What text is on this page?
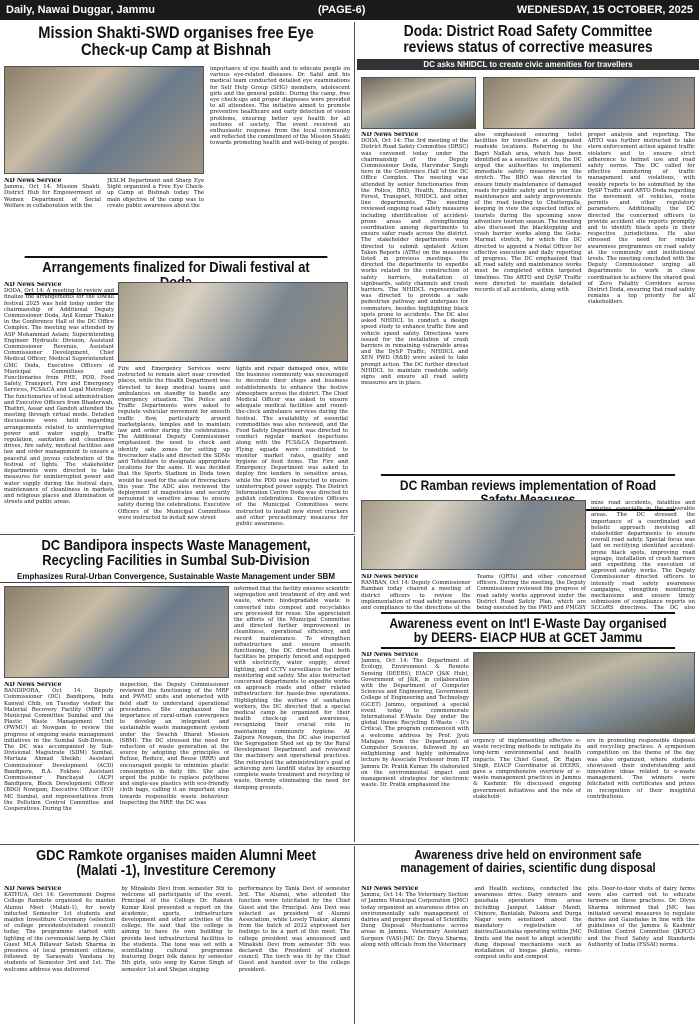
Daily, Nawai Duggar, Jammu	(PAGE-6)	WEDNESDAY, 15 OCTOBER, 2025
Mission Shakti-SWD organises free Eye Check-up Camp at Bishnah
ND News Service
Jammu, Oct 14: Mission Shakti, District Hub for Empowerment of Women Department of Social Welfare in collaboration with the
JKSLM Department and Sharp Eye Sight organized a Free Eye Check-up Camp at Bishnah today. The main objective of the camp was to create public awareness about the
importance of eye health and to educate people on various eye-related diseases. Dr. Sahil and his medical team conducted detailed eye examinations for Self Help Group (SHG) members, adolescent girls and the general public. During the camp, free eye check-ups and proper diagnoses were provided to all attendees. The initiative aimed to promote preventive healthcare and early detection of vision problems, ensuring better eye health for all sections of society. The event received an enthusiastic response from the local community and reflected the commitment of the Mission Shakti towards promoting health and well-being of people.
Arrangements finalized for Diwali festival at
ND News Service
DODA, Oct 14: A meeting to review and finalize the arrangements for the Diwali festival 2025 was held today under the chairmanship of Additional Deputy Commissioner Doda, Anil Kumar Thakur in the Conference Hall of the DC Office Complex. The meeting was attended by ASP Mohammad Aslam; Superintending Engineer Hydraulic Division, Assistant Commissioner Revenue, Assistant Commissioner Development, Chief Medical Officer, Medical Superintendent GMC Doda, Executive Officers of Municipal Committees and Functionaries from PHE, PDD, Food Safety, Transport, Fire and Emergency Services, FCS&CA and Legal Metrology. The functionaries of local administration and Executive Officers from Bhaderwah, Thathri, Assar and Gandoh attended the meeting through virtual mode. Detailed discussions were held regarding arrangements related to uninterrupted power and water supply, traffic regulation, sanitation and cleanliness drives, fire safety, medical facilities and law and order management to ensure a peaceful and joyous celebration of the festival of lights. The stakeholder departments were directed to take measures for uninterrupted power and water supply during the festival days, maintenance of cleanliness in markets and religious places and illumination of streets and public areas.
Fire and Emergency Services were instructed to remain alert near crowded places, while the Health Department was directed to keep medical teams and ambulances on standby to handle any emergency situation. The Police and Traffic Departments were asked to regulate vehicular movement for smooth traffic flow, particularly around marketplaces, temples and to maintain law and order during the celebrations. The Additional Deputy Commissioner emphasized the need to check and identify safe zones for setting up firecracker stalls and directed the SDMs and Tehsildars to designate appropriate locations for the same. It was decided that the Sports Stadium in Doda town would be used for the sale of firecrackers this year. The ADC also reviewed the deployment of magistrates and security personnel in sensitive areas to ensure safety during the celebrations. Executive Officers of the Municipal Committees were instructed to install new street
lights and repair damaged ones, while the business community was encouraged to decorate their shops and business establishments to enhance the festive atmosphere across the district. The Chief Medical Officer was asked to ensure adequate medical facilities and round-the-clock ambulance services during the festival. The availability of essential commodities was also reviewed, and the Food Safety Department was directed to conduct regular market inspections along with the FCS&CA Department. Flying squads were constituted to monitor market rates, quality and hygiene of food items. The Fire and Emergency Department was asked to deploy fire tenders in sensitive areas, while the PDD was instructed to ensure uninterrupted power supply. The District Information Centre Doda was directed to publish celebrations. Executive Officers of the Municipal Committees were instructed to install new street crackers and other precautionary measures for public awareness.
Doda: District Road Safety Committee reviews status of corrective measures
DC asks NHIDCL to create civic amenities for travellers
ND News Service
DODA, Oct 14: The 3rd meeting of the District Road Safety Committee (DRSC) was convened today under the chairmanship of the Deputy Commissioner Doda, Harvinder Singh here in the Conference Hall of the DC Office Complex. The meeting was attended by senior functionaries from the Police, BRO, Health, Education, Forest, Transport, NHIDCL and other line departments. The meeting reviewed ongoing road safety measures including identification of accident-prone areas and strengthening coordination among departments to ensure safer roads across the district. The stakeholder departments were directed to submit updated Action Taken Reports (ATRs) on the measures listed in previous meetings. He directed the departments to expedite works related to the construction of safety barriers, installation of signboards, safety channels and crash barriers. The NHIDCL representative was directed to provide a safe pedestrian pathway and underpass for commuters, besides highlighting black spots prone to accidents. The DC also asked NHIDCL to conduct a design speed study to enhance traffic flow and vehicle speed safety. Directions were issued for the installation of crash barriers in remaining vulnerable areas and the DySP Traffic, NHIDCL and XEN PWD (R&B) were asked to take prompt action. The DC further directed NHIDCL to maintain roadside safety signs and ensure all road safety measures are in place.
also emphasised ensuring toilet facilities for travellers at designated roadside locations. Referring to the Bagri Nallah area, which has been identified as a sensitive stretch, the DC urged the authorities to implement immediate safety measures on the stretch. The BRO was directed to ensure timely maintenance of damaged roads for public safety and to prioritize maintenance and safety improvements of the road leading to Chattergalla, keeping in view the expected influx of tourists during the upcoming snow adventure tourism season. The meeting also discussed the blacktopping and crash barrier works along the Goha-Marmat stretch, for which the DC directed to appoint a Nodal Officer for effective execution and daily reporting of progress. The DC emphasized that all road safety and maintenance works must be completed within targeted timelines. The ARTO and DySP Traffic were directed to maintain detailed records of all accidents, along with
proper analysis and reporting. The ARTO was further instructed to take stern enforcement action against traffic violators and to ensure strict adherence to helmet use and road safety norms. The DC called for effective monitoring of traffic management and violations, with weekly reports to be submitted by the DySP Traffic and ARTO Doda regarding the movement of vehicles, route permits and other regulatory parameters. Additionally, the DC directed the concerned officers to provide accident site reports promptly and to identify black spots in their respective jurisdictions. He also stressed the need for regular awareness programmes on road safety at the community and institutional levels. The meeting concluded with the Deputy Commissioner urging all departments to work in close coordination to achieve the shared goal of Zero Fatality Corridors across District Doda, ensuring that road safety remains a top priority for all stakeholders.
DC Ramban reviews implementation of Road
ND News Service
RAMBAN, Oct 14: Deputy Commissioner Ramban today chaired a meeting of district officers to review the implementation of road safety measures and compliance to the directions of the
Teams (QRTs) and other concerned officers. During the meeting, the Deputy Commissioner reviewed the progress of road safety works approved under the District Road Safety Plan, which are being executed by the PWD and PMGSY
mize road accidents, fatalities and injuries, especially in the vulnerable areas. The DC stressed the importance of a coordinated and holistic approach involving all stakeholder departments to ensure overall road safety. Special focus was laid on rectifying identified accident-prone black spots, improving road signage, installation of crash barriers and expediting the execution of approved safety works. The Deputy Commissioner directed officers to intensify road safety awareness campaigns, strengthen monitoring mechanisms and ensure timely submission of compliance reports on SCCoRS directives. The DC also
DC Bandipora inspects Waste Management, Recycling Facilities in Sumbal Sub-Division
Emphasizes Rural-Urban Convergence, Sustainable Waste Management under SBM
ND News Service
BANDIPORA, Oct 14: Deputy Commissioner (DC) Bandipora, Indu Kanwal Chib, on Tuesday visited the Material Recovery Facility (MRF) at Municipal Committee Sumbal and the Plastic Waste Management Unit (PWMU) at Nowgam to review the progress of ongoing waste management initiatives in the Sumbal Sub-Division. The DC was accompanied by Sub-Divisional Magistrate (SDM) Sumbal, Murtaza Ahmad Sheikh; Assistant Commissioner Development (ACD) Bandipora, B.A. Fokhee; Assistant Commissioner Panchayat (ACP) Bandipora, Block Development Officer (BDO) Nowgam, Executive Officer (EO) MC Sumbal, and representatives from the Pollution Control Committee and Cooperatives. During the
inspection, the Deputy Commissioner reviewed the functioning of the MRF and PWMU units and interacted with field staff to understand operational procedures. She emphasized the importance of rural-urban convergence to develop an integrated and sustainable waste management system under the Swachh Bharat Mission (SBM). The DC stressed the need for reduction of waste generation at the source by adopting the principles of Refuse, Reduce, and Reuse (RRR) and encouraged people to minimize plastic consumption in daily life. She also urged the public to replace polythene and single-use plastics with eco-friendly cloth bags, calling it an important step towards responsible waste behaviour. Inspecting the MRF, the DC was
informed that the facility ensures scientific segregation and treatment of dry and wet waste, where biodegradable waste is converted into compost and recyclables are processed for reuse. She appreciated the efforts of the Municipal Committee and directed further improvement in cleanliness, operational efficiency, and record maintenance. To strengthen infrastructure and ensure smooth functioning, the DC directed that both facilities be properly fenced and equipped with electricity, water supply, street lighting, and CCTV surveillance for better monitoring and safety. She also instructed concerned departments to expedite works on approach roads and other related infrastructure for hassle-free operations. Highlighting the welfare of sanitation workers, the DC directed that a special medical camp be organized for their health check-up and awareness, recognizing their crucial role in maintaining community hygiene. At Zalpora Nowgam, the DC also inspected the Segregation Shed set up by the Rural Development Department and reviewed the machinery and operational practices. She reiterated the administration's goal of achieving zero landfill status by ensuring complete waste treatment and recycling of waste, thereby eliminating the need for dumping grounds.
Awareness event on Int'l E-Waste Day organised by DEERS- EIACP HUB at GCET Jammu
ND News Service
Jammu, Oct 14: The Department of Ecology, Environment & Remote Sensing (DEERS), EIACP (J&K Hub), Government of J&K, in collaboration with the Department of Computer Sciences and Engineering, Government College of Engineering and Technology (GCET) Jammu, organized a special event today to commemorate International E-Waste Day under the global theme Recycling E-Waste - It's Critical. The program commenced with a welcome address by Prof. Jyoti Mahajan from the Department of Computer Sciences, followed by an enlightening and highly informative lecture by Associate Professor from IIT Jammu Dr. Pratik Kumar. He elaborated on the environmental impact and management strategies for electronic waste. Dr. Pratik emphasized the
urgency of implementing effective e-waste recycling methods to mitigate its long-term environmental and health impacts. The Chief Guest, Dr. Rajan Singh, EIACP Coordinator at DEERS, gave a comprehensive overview of e-waste management practices in Jammu & Kashmir. He discussed ongoing government initiatives and the role of stakehold-
ers in promoting responsible disposal and recycling practices. A symposium competition on the theme of the day was also organized, where students showcased their understanding and innovative ideas related to e-waste management. The winners were felicitated with certificates and prizes in recognition of their insightful contributions.
GDC Ramkote organises maiden Alumni Meet (Malati -1), Investiture Ceremony
ND News Service
KATHUA, Oct 14: Government Degree College Ramkote organized its maiden Alumni Meet (Malati-1), for newly inducted Semester 1st students and maiden Investiture Ceremony (selection of college presidents/student council) today. The programme started with lighting of the ceremonial lamp by Chief Guest MLA Billawar Satish Sharma in presence of local prominent citizens, followed by Saraswati Vandana by students of Semester 3rd and 1st. The welcome address was delivered
by Minakshi Devi from semester 5th to welcome all participants of the event. Principal of the College Dr. Rakesh Kumar Koul presented a report on the academic, sports, infrastructure development and other activities of the college. He said that the college is aiming to have its own building to provide best infrastructural facilities to the students. The tone was set with a scintillating cultural programme featuring Dogri folk dance by semester 5th girls, solo song by Karan Singh of semester 1st and Shejan singing
performance by Tania Devi of semester 3rd. The Alumni, who attended the function were felicitated by the Chief Guest and the Principal. Anu Devi was selected as president of Alumni Association, while Lovely Thakur, alumni from the batch of 2022 expressed her feelings to be a part of this meet. The college president was announced and Minakshi Devi from semester 5th was declared the President of student council. The torch was lit by the Chief Guest and handed over to the college president.
Awareness drive held on environment safe management of dairies, scientific dung disposal
ND News Service
Jammu, Oct 14: The Veterinary Section of Jammu Municipal Corporation (JMC) today organized an awareness drive on environmentally safe management of dairies and proper disposal of Scientific Dung Disposal Mechanisms across areas in Jammu. Veterinary Assistant Surgeon (VAS)-JMC Dr. Divya Sharma, along with officials from the Veterinary
and Health sections, conducted the awareness drive. Dairy owners and gaushala operators from areas including Janipur, Lakkar Mandi, Chinore, Bantalab, Paloura and Durga Nagar were sensitized about the mandatory registration of dairies/Gaushalas operating within JMC limits and the need to adopt scientific dung disposal mechanisms such as installation of biogas plants, vermi-compost units and compost
pits. Door-to-door visits of dairy farms were also carried out to educate farmers on these practices. Dr. Divya Sharma informed that JMC has initiated several measures to regulate dairies and Gaushalas in line with the guidelines of the Jammu & Kashmir Pollution Control Committee (JKPCC) and the Food Safety and Standards Authority of India (FSSAI) norms.
